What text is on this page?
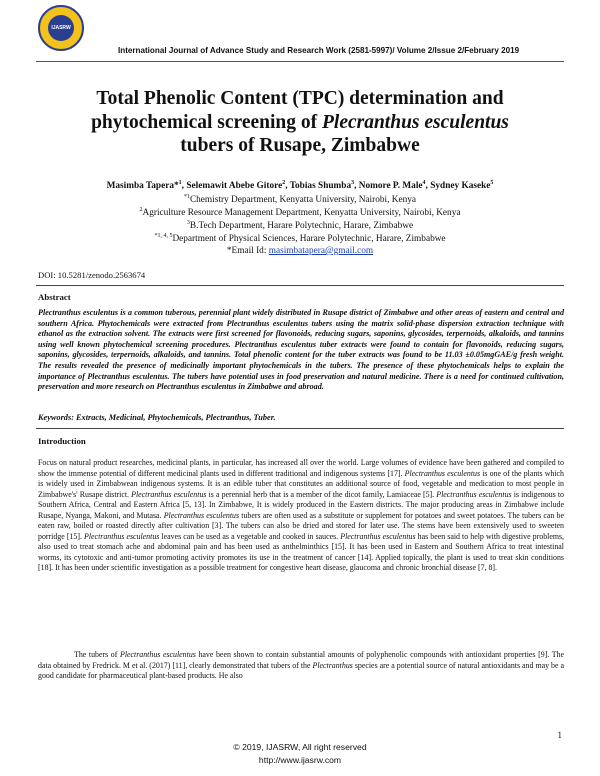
IJASRW
International Journal of Advance Study and Research Work (2581-5997)/ Volume 2/Issue 2/February 2019
Total Phenolic Content (TPC) determination and
phytochemical screening of Plecranthus esculentus
tubers of Rusape, Zimbabwe
Masimba Tapera*$^1$, Selemawit Abebe Gitore$^2$, Tobias Shumba$^3$, Nomore P. Male$^4$, Sydney Kaseke$^5$
$^{*1}$Chemistry Department, Kenyatta University, Nairobi, Kenya
$^2$Agriculture Resource Management Department, Kenyatta University, Nairobi, Kenya
$^3$B.Tech Department, Harare Polytechnic, Harare, Zimbabwe
$^{*1, 4, 5}$Department of Physical Sciences, Harare Polytechnic, Harare, Zimbabwe
*Email Id: masimbatapera@gmail.com
DOI: 10.5281/zenodo.2563674
Abstract
Plectranthus esculentus is a common tuberous, perennial plant widely distributed in Rusape district of Zimbabwe and other areas of eastern and central and southern Africa. Phytochemicals were extracted from Plectranthus esculentus tubers using the matrix solid-phase dispersion extraction technique with ethanol as the extraction solvent. The extracts were first screened for flavonoids, reducing sugars, saponins, glycosides, terpernoids, alkaloids, and tannins using well known phytochemical screening procedures. Plectranthus esculentus tuber extracts were found to contain for flavonoids, reducing sugars, saponins, glycosides, terpernoids, alkaloids, and tannins. Total phenolic content for the tuber extracts was found to be 11.03 ±0.05mgGAE/g fresh weight. The results revealed the presence of medicinally important phytochemicals in the tubers. The presence of these phytochemicals helps to explain the importance of Plectranthus esculentus. The tubers have potential uses in food preservation and natural medicine. There is a need for continued cultivation, preservation and more research on Plectranthus esculentus in Zimbabwe and abroad.
Keywords: Extracts, Medicinal, Phytochemicals, Plectranthus, Tuber.
Introduction
Focus on natural product researches, medicinal plants, in particular, has increased all over the world. Large volumes of evidence have been gathered and compiled to show the immense potential of different medicinal plants used in different traditional and indigenous systems [17]. Plectranthus esculentus is one of the plants which is widely used in Zimbabwean indigenous systems. It is an edible tuber that constitutes an additional source of food, vegetable and medication to most people in Zimbabwe's' Rusape district. Plectranthus esculentus is a perennial herb that is a member of the dicot family, Lamiaceae [5]. Plectranthus esculentus is indigenous to Southern Africa, Central and Eastern Africa [5, 13]. In Zimbabwe, It is widely produced in the Eastern districts. The major producing areas in Zimbabwe include Rusape, Nyanga, Makoni, and Mutasa. Plectranthus esculentus tubers are often used as a substitute or supplement for potatoes and sweet potatoes. The tubers can be eaten raw, boiled or roasted directly after cultivation [3]. The tubers can also be dried and stored for later use. The stems have been extensively used to sweeten porridge [15]. Plectranthus esculentus leaves can be used as a vegetable and cooked in sauces. Plectranthus esculentus has been said to help with digestive problems, also used to treat stomach ache and abdominal pain and has been used as anthelminthics [15]. It has been used in Eastern and Southern Africa to treat intestinal worms, its cytotoxic and anti-tumor promoting activity promotes its use in the treatment of cancer [14]. Applied topically, the plant is used to treat skin conditions [18]. It has been under scientific investigation as a possible treatment for congestive heart disease, glaucoma and chronic bronchial disease [7, 8].
The tubers of Plectranthus esculentus have been shown to contain substantial amounts of polyphenolic compounds with antioxidant properties [9]. The data obtained by Fredrick. M et al. (2017) [11], clearly demonstrated that tubers of the Plectranthus species are a potential source of natural antioxidants and may be a good candidate for pharmaceutical plant-based products. He also
1
© 2019, IJASRW, All right reserved
http://www.ijasrw.com
